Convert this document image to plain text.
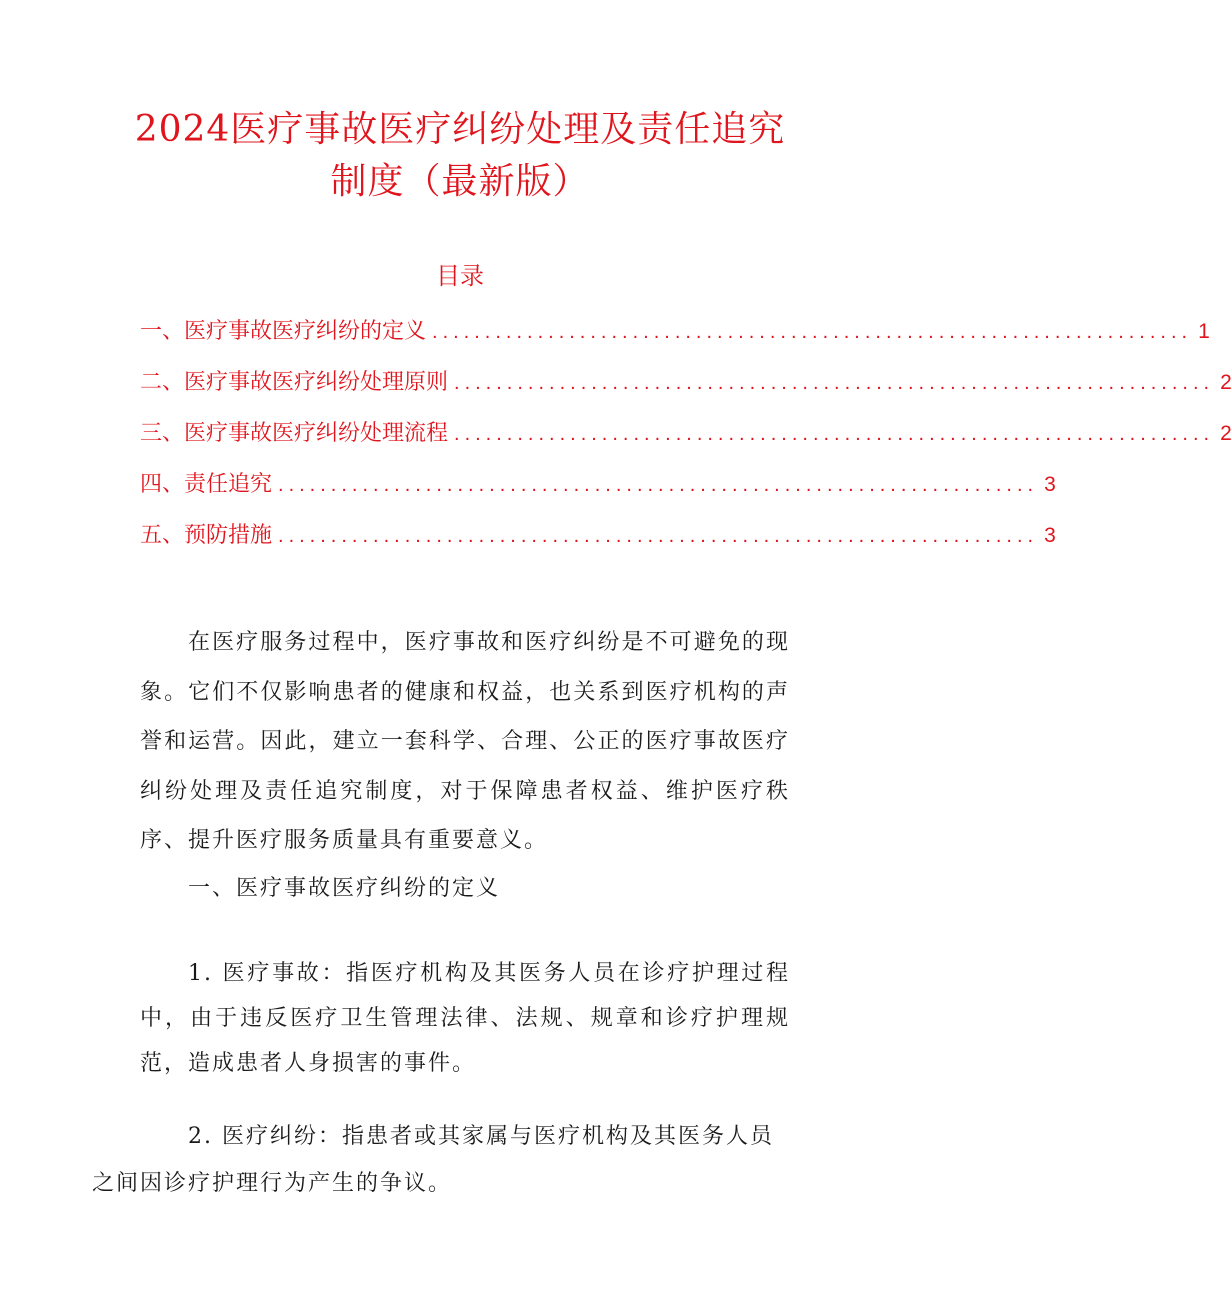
2024医疗事故医疗纠纷处理及责任追究
制度（最新版）
目录
一、医疗事故医疗纠纷的定义 ........................................................................ 1
二、医疗事故医疗纠纷处理原则 ........................................................................ 2
三、医疗事故医疗纠纷处理流程 ........................................................................ 2
四、责任追究 ........................................................................ 3
五、预防措施 ........................................................................ 3

在医疗服务过程中，医疗事故和医疗纠纷是不可避免的现象。它们不仅影响患者的健康和权益，也关系到医疗机构的声誉和运营。因此，建立一套科学、合理、公正的医疗事故医疗纠纷处理及责任追究制度，对于保障患者权益、维护医疗秩序、提升医疗服务质量具有重要意义。

一、医疗事故医疗纠纷的定义

1. 医疗事故：指医疗机构及其医务人员在诊疗护理过程中，由于违反医疗卫生管理法律、法规、规章和诊疗护理规范，造成患者人身损害的事件。

2. 医疗纠纷：指患者或其家属与医疗机构及其医务人员
之间因诊疗护理行为产生的争议。
